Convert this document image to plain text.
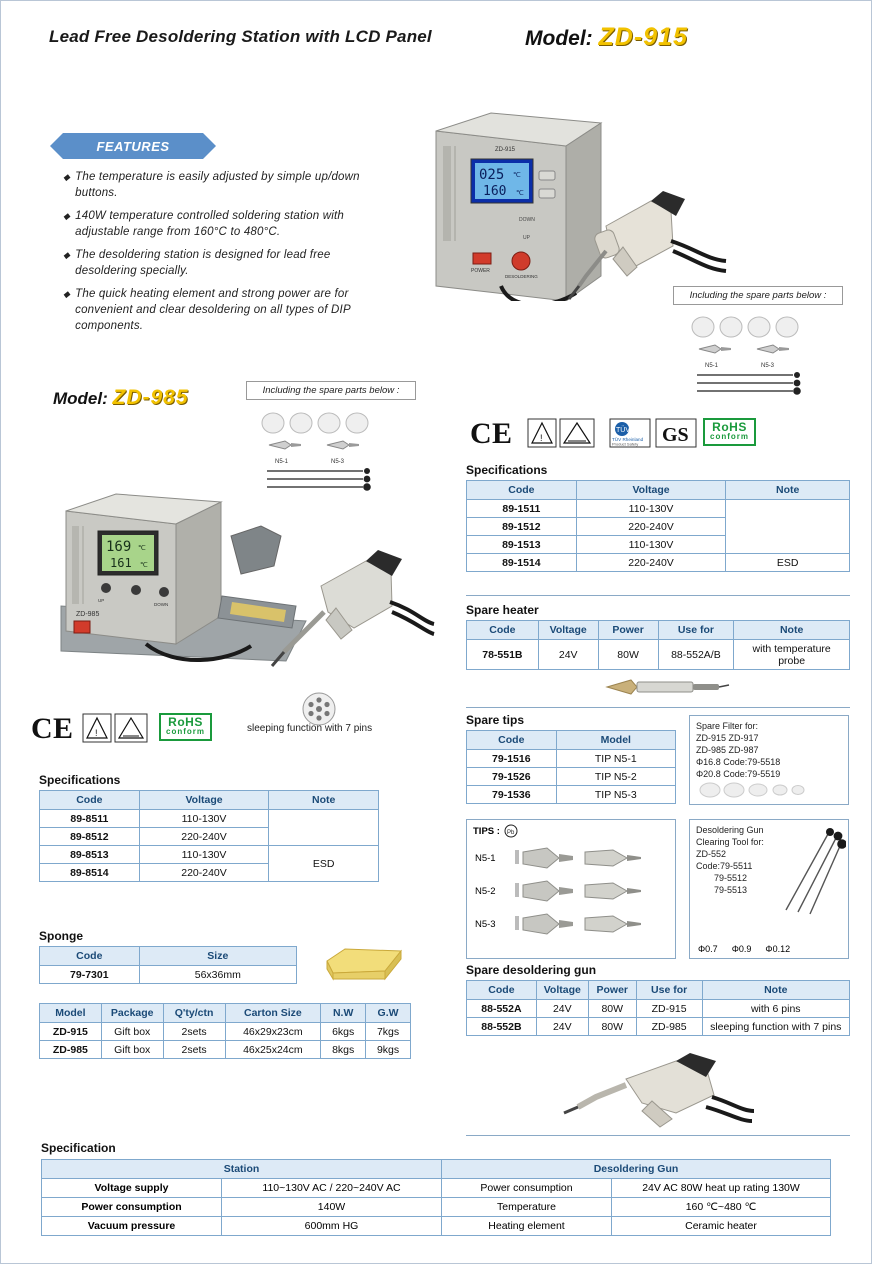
Lead Free Desoldering Station with LCD Panel	Model: ZD-915
025 ℃
160 ℃
ZD-915
DOWN
UP
POWER
DESOLDERING
FEATURES
◆ The temperature is easily adjusted by simple up/down buttons.
◆ 140W temperature controlled soldering station with adjustable range from 160°C to 480°C.
◆ The desoldering station is designed for lead free desoldering specially.
◆ The quick heating element and strong power are for convenient and clear desoldering on all types of DIP components.
Including the spare parts below :
N5-1	N5-3
Model: ZD-985	Including the spare parts below :
N5-1	N5-3
169 ℃
161 ℃
UP
DOWN
ZD-985
C E !
RoHS
conform	sleeping function with 7 pins
Specifications
Code	Voltage	Note
89-8511	110-130V	
89-8512	220-240V	
89-8513	110-130V	ESD
89-8514	220-240V	
Sponge
Code	Size
79-7301	56x36mm
Model	Package	Q'ty/ctn	Carton Size	N.W	G.W
ZD-915	Gift box	2sets	46x29x23cm	6kgs	7kgs
ZD-985	Gift box	2sets	46x25x24cm	8kgs	9kgs
C E	!
TÜV
TÜV Rheinland
Product Safety GS RoHS
conform
Specifications
Code	Voltage	Note
89-1511	110-130V	
89-1512	220-240V	
89-1513	110-130V	
89-1514	220-240V	ESD
Spare heater
Code	Voltage	Power	Use for	Note
78-551B	24V	80W	88-552A/B	with temperature probe
Spare tips
Code	Model
79-1516	TIP N5-1
79-1526	TIP N5-2
79-1536	TIP N5-3
Spare Filter for:
ZD-915 ZD-917
ZD-985 ZD-987
Φ16.8 Code:79-5518
Φ20.8 Code:79-5519
TIPS : Pb
N5-1
N5-2
N5-3
Desoldering Gun
Clearing Tool for:
ZD-552
Code:79-5511
79-5512
79-5513
Φ0.7 Φ0.9 Φ0.12
Spare desoldering gun
Code	Voltage	Power	Use for	Note
88-552A	24V	80W	ZD-915	with 6 pins
88-552B	24V	80W	ZD-985	sleeping function with 7 pins
Specification
Station		Desoldering Gun	
Voltage supply	110~130V AC / 220~240V AC	Power consumption	24V AC 80W heat up rating 130W
Power consumption	140W	Temperature	160 ℃~480 ℃
Vacuum pressure	600mm HG	Heating element	Ceramic heater
